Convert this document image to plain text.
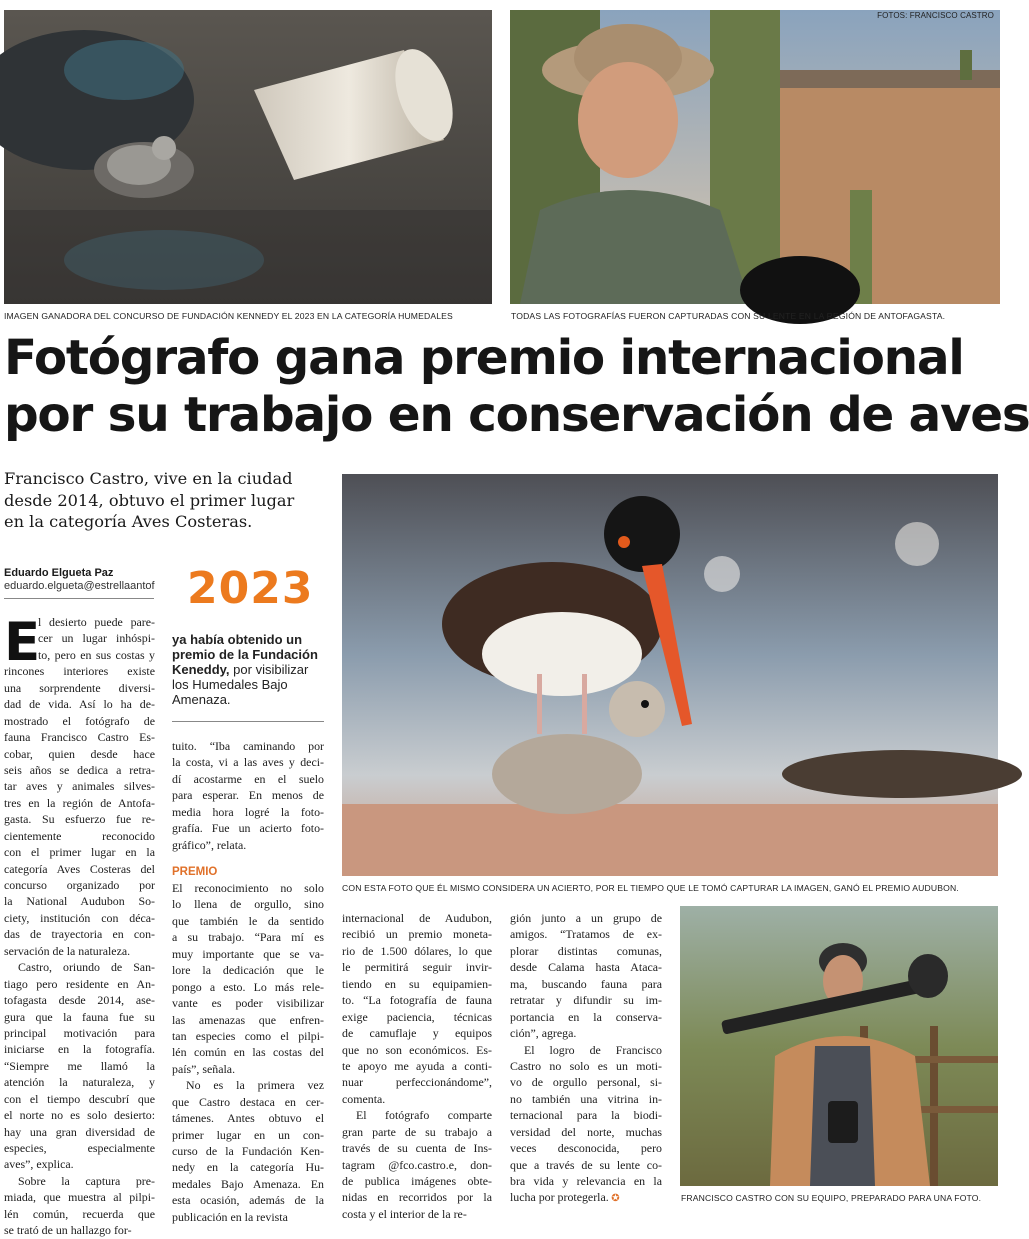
FOTOS: FRANCISCO CASTRO
IMAGEN GANADORA DEL CONCURSO DE FUNDACIÓN KENNEDY EL 2023 EN LA CATEGORÍA HUMEDALES	TODAS LAS FOTOGRAFÍAS FUERON CAPTURADAS CON SU LENTE EN LA REGIÓN DE ANTOFAGASTA.
Fotógrafo gana premio internacional
por su trabajo en conservación de aves
Francisco Castro, vive en la ciudad
desde 2014, obtuvo el primer lugar
en la categoría Aves Costeras.
CON ESTA FOTO QUE ÉL MISMO CONSIDERA UN ACIERTO, POR EL TIEMPO QUE LE TOMÓ CAPTURAR LA IMAGEN, GANÓ EL PREMIO AUDUBON.
FRANCISCO CASTRO CON SU EQUIPO, PREPARADO PARA UNA FOTO.
Eduardo Elgueta Paz
eduardo.elgueta@estrellaantof 2023
ya había obtenido un
premio de la Fundación
Keneddy, por visibilizar
los Humedales Bajo
Amenaza.
E
l desierto puede pare-
cer un lugar inhóspi-
to, pero en sus costas y
rincones interiores existe
una sorprendente diversi-
dad de vida. Así lo ha de-
mostrado el fotógrafo de
fauna Francisco Castro Es-
cobar, quien desde hace
seis años se dedica a retra-
tar aves y animales silves-
tres en la región de Antofa-
gasta. Su esfuerzo fue re-
cientemente reconocido
con el primer lugar en la
categoría Aves Costeras del
concurso organizado por
la National Audubon So-
ciety, institución con déca-
das de trayectoria en con-
servación de la naturaleza.
Castro, oriundo de San-
tiago pero residente en An-
tofagasta desde 2014, ase-
gura que la fauna fue su
principal motivación para
iniciarse en la fotografía.
“Siempre me llamó la
atención la naturaleza, y
con el tiempo descubrí que
el norte no es solo desierto:
hay una gran diversidad de
especies, especialmente
aves”, explica.
Sobre la captura pre-
miada, que muestra al pilpi-
lén común, recuerda que
se trató de un hallazgo for-
tuito. “Iba caminando por
la costa, vi a las aves y deci-
dí acostarme en el suelo
para esperar. En menos de
media hora logré la foto-
grafía. Fue un acierto foto-
gráfico”, relata.
PREMIO
El reconocimiento no solo
lo llena de orgullo, sino
que también le da sentido
a su trabajo. “Para mí es
muy importante que se va-
lore la dedicación que le
pongo a esto. Lo más rele-
vante es poder visibilizar
las amenazas que enfren-
tan especies como el pilpi-
lén común en las costas del
país”, señala.
No es la primera vez
que Castro destaca en cer-
támenes. Antes obtuvo el
primer lugar en un con-
curso de la Fundación Ken-
nedy en la categoría Hu-
medales Bajo Amenaza. En
esta ocasión, además de la
publicación en la revista
internacional de Audubon,
recibió un premio moneta-
rio de 1.500 dólares, lo que
le permitirá seguir invir-
tiendo en su equipamien-
to. “La fotografía de fauna
exige paciencia, técnicas
de camuflaje y equipos
que no son económicos. Es-
te apoyo me ayuda a conti-
nuar perfeccionándome”,
comenta.
El fotógrafo comparte
gran parte de su trabajo a
través de su cuenta de Ins-
tagram @fco.castro.e, don-
de publica imágenes obte-
nidas en recorridos por la
costa y el interior de la re-
gión junto a un grupo de
amigos. “Tratamos de ex-
plorar distintas comunas,
desde Calama hasta Ataca-
ma, buscando fauna para
retratar y difundir su im-
portancia en la conserva-
ción”, agrega.
El logro de Francisco
Castro no solo es un moti-
vo de orgullo personal, si-
no también una vitrina in-
ternacional para la biodi-
versidad del norte, muchas
veces desconocida, pero
que a través de su lente co-
bra vida y relevancia en la
lucha por protegerla. ✪
